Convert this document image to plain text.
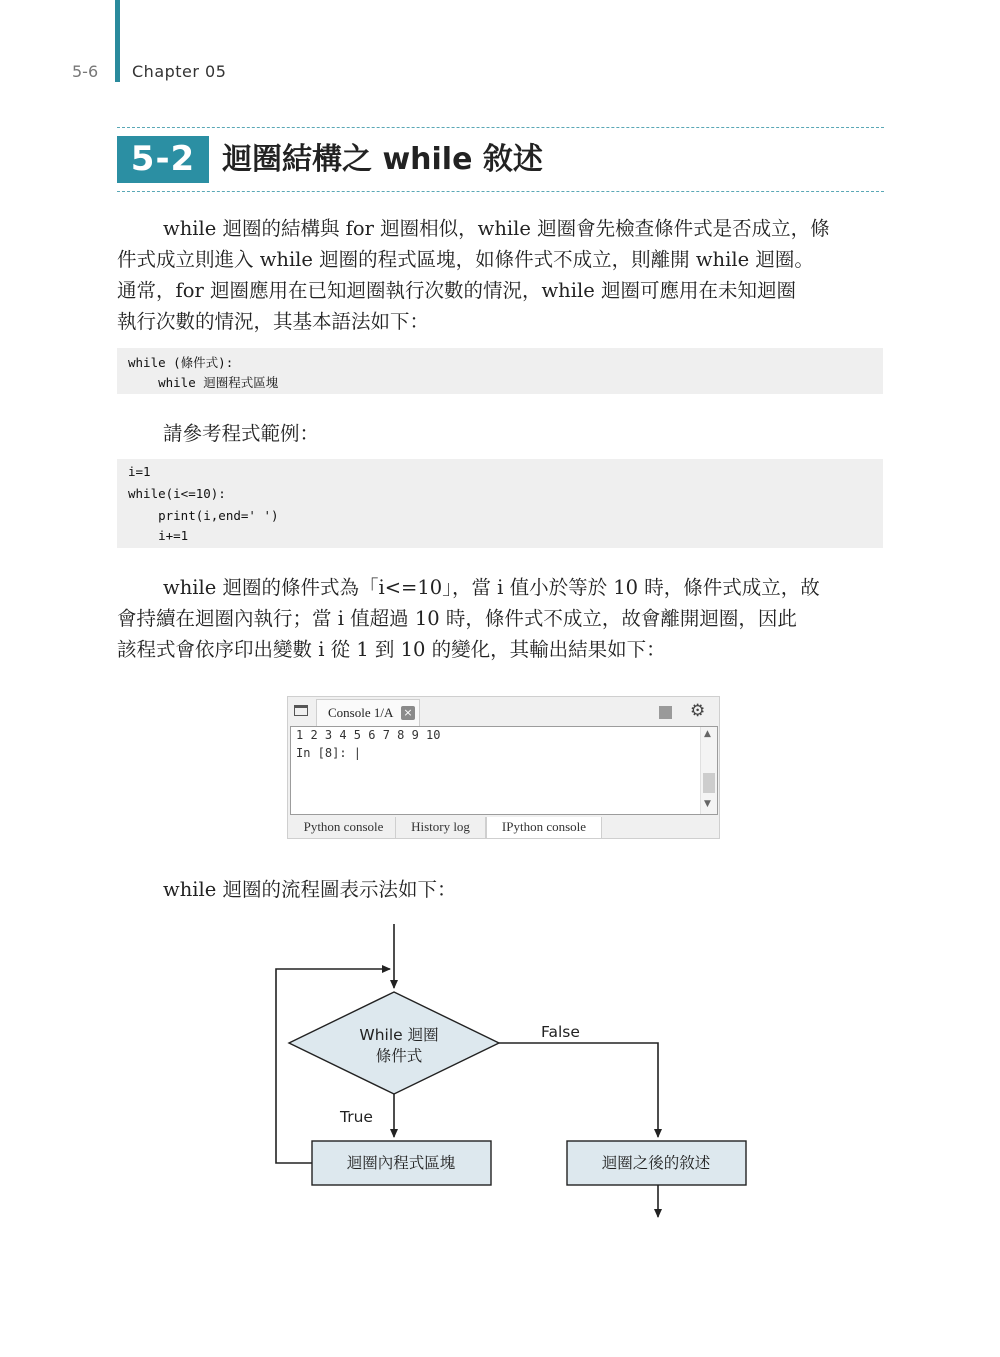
5-6 Chapter 05
5-2 迴圈結構之 while 敘述

while 迴圈的結構與 for 迴圈相似，while 迴圈會先檢查條件式是否成立，條
件式成立則進入 while 迴圈的程式區塊，如條件式不成立，則離開 while 迴圈。
通常，for 迴圈應用在已知迴圈執行次數的情況，while 迴圈可應用在未知迴圈
執行次數的情況，其基本語法如下：

while (條件式):
while 迴圈程式區塊

請參考程式範例：

i=1
while(i<=10):
print(i,end=' ')
i+=1

while 迴圈的條件式為「i<=10」，當 i 值小於等於 10 時，條件式成立，故
會持續在迴圈內執行；當 i 值超過 10 時，條件式不成立，故會離開迴圈，因此
該程式會依序印出變數 i 從 1 到 10 的變化，其輸出結果如下：

Console 1/A ×	⚙
1 2 3 4 5 6 7 8 9 10
In [8]: |

▲

▼

Python console	History log	IPython console

while 迴圈的流程圖表示法如下：

While 迴圈
條件式
True
迴圈內程式區塊
False
迴圈之後的敘述
